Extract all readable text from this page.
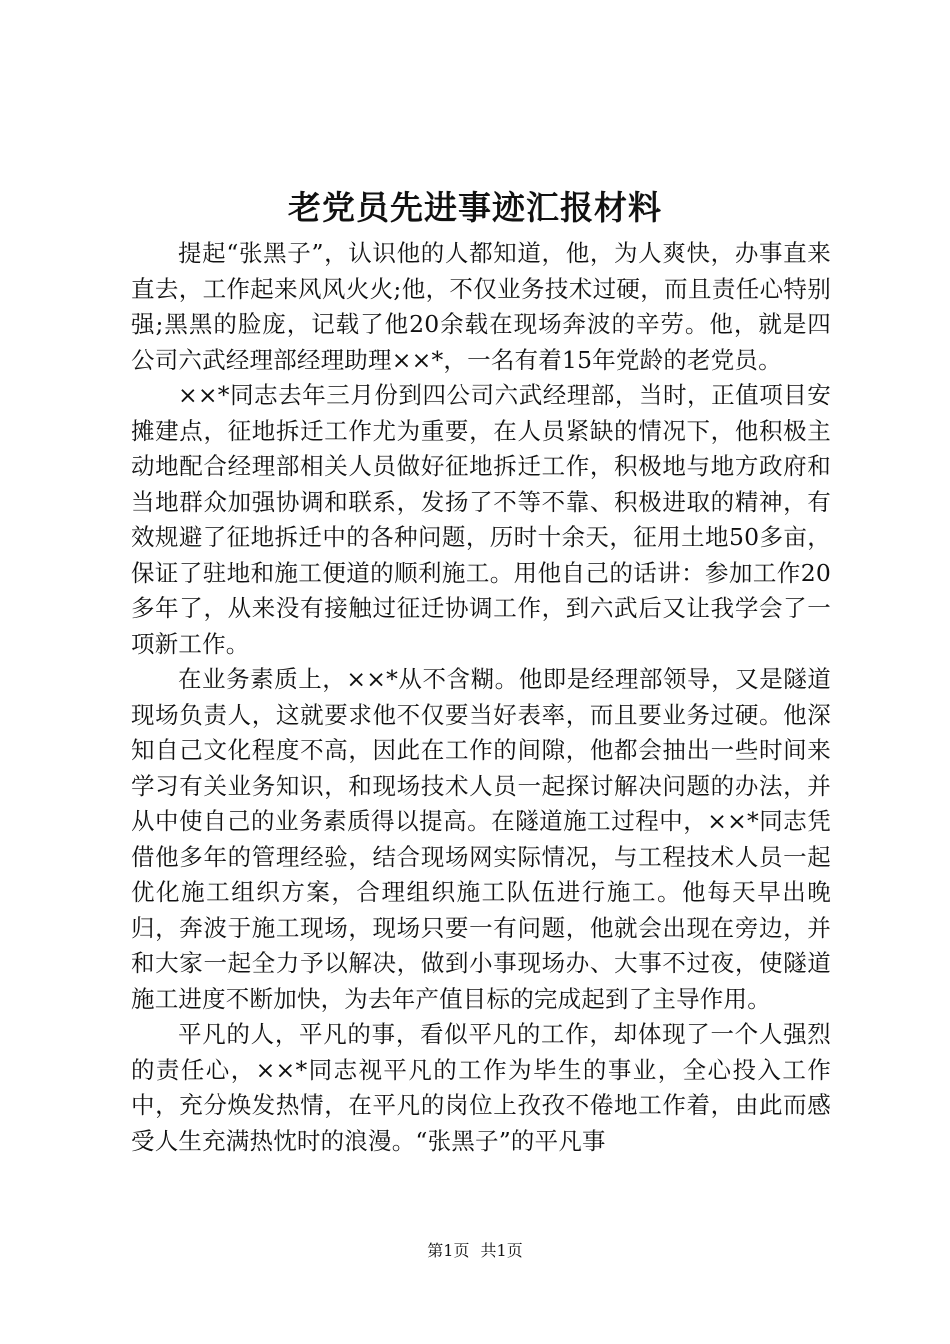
老党员先进事迹汇报材料

提起“张黑子”，认识他的人都知道，他，为人爽快，办事直来直去，工作起来风风火火;他，不仅业务技术过硬，而且责任心特别强;黑黑的脸庞，记载了他20余载在现场奔波的辛劳。他，就是四公司六武经理部经理助理××*，一名有着15年党龄的老党员。

××*同志去年三月份到四公司六武经理部，当时，正值项目安摊建点，征地拆迁工作尤为重要，在人员紧缺的情况下，他积极主动地配合经理部相关人员做好征地拆迁工作，积极地与地方政府和当地群众加强协调和联系，发扬了不等不靠、积极进取的精神，有效规避了征地拆迁中的各种问题，历时十余天，征用土地50多亩，保证了驻地和施工便道的顺利施工。用他自己的话讲：参加工作20多年了，从来没有接触过征迁协调工作，到六武后又让我学会了一项新工作。

在业务素质上，××*从不含糊。他即是经理部领导，又是隧道现场负责人，这就要求他不仅要当好表率，而且要业务过硬。他深知自己文化程度不高，因此在工作的间隙，他都会抽出一些时间来学习有关业务知识，和现场技术人员一起探讨解决问题的办法，并从中使自己的业务素质得以提高。在隧道施工过程中，××*同志凭借他多年的管理经验，结合现场网实际情况，与工程技术人员一起优化施工组织方案，合理组织施工队伍进行施工。他每天早出晚归，奔波于施工现场，现场只要一有问题，他就会出现在旁边，并和大家一起全力予以解决，做到小事现场办、大事不过夜，使隧道施工进度不断加快，为去年产值目标的完成起到了主导作用。

平凡的人，平凡的事，看似平凡的工作，却体现了一个人强烈的责任心，××*同志视平凡的工作为毕生的事业，全心投入工作中，充分焕发热情，在平凡的岗位上孜孜不倦地工作着，由此而感受人生充满热忱时的浪漫。“张黑子”的平凡事

第1页 共1页
